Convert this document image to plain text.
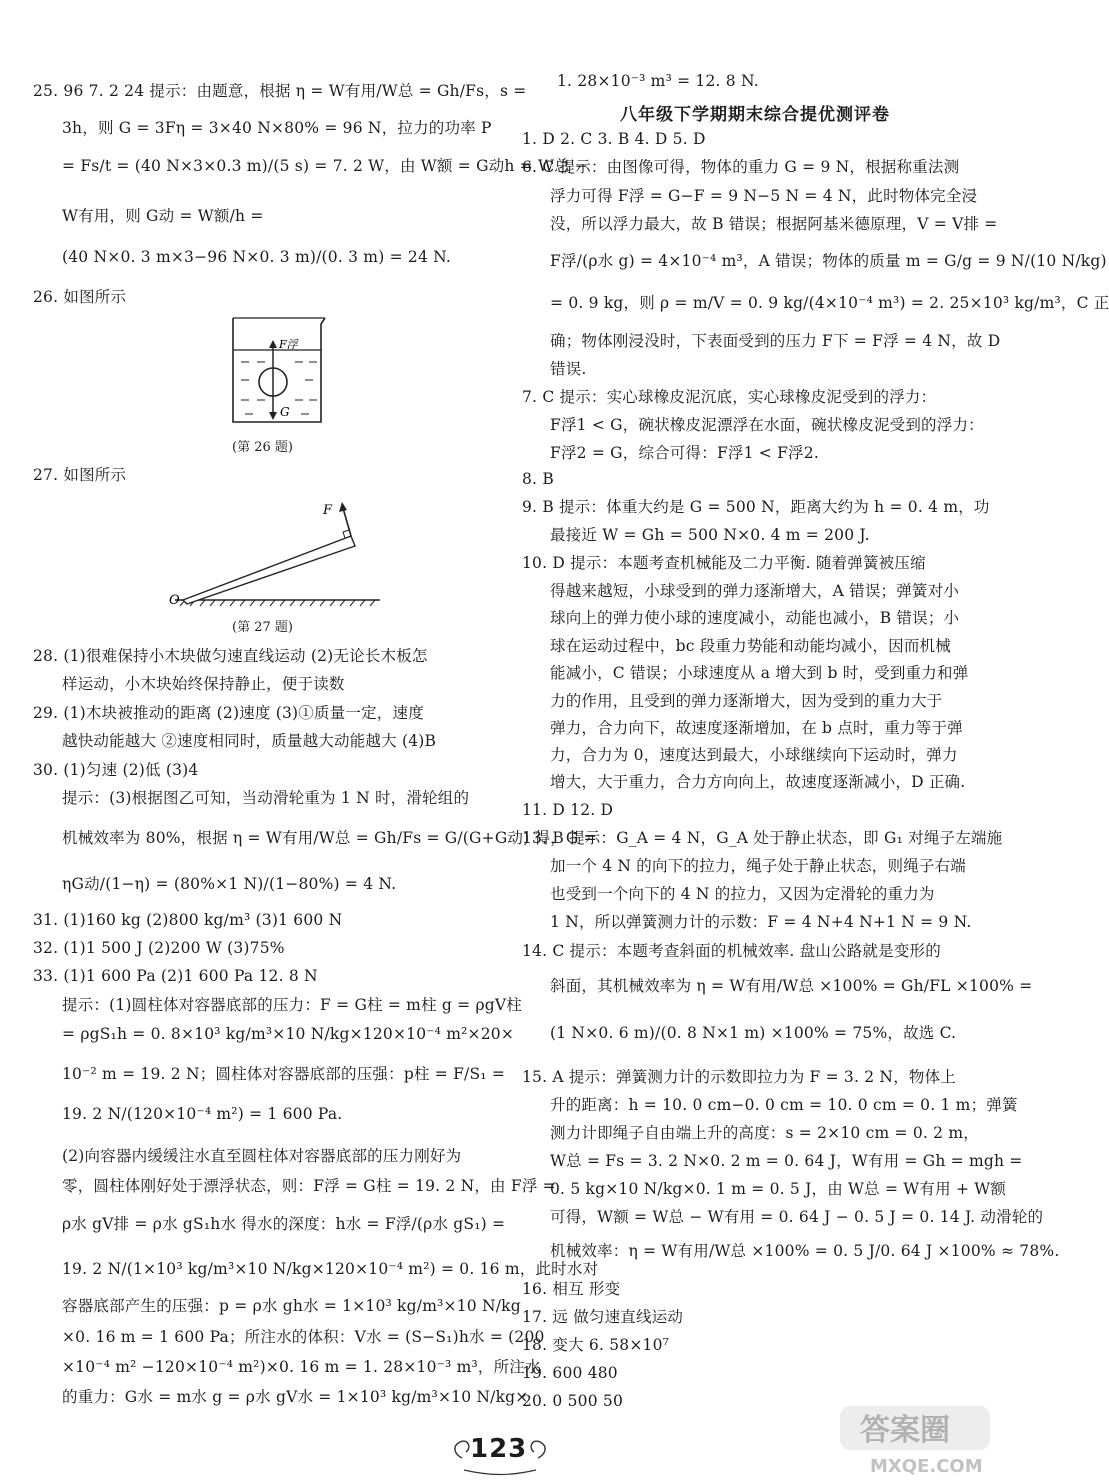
25. 96 7. 2 24 提示：由题意，根据 η = W有用/W总 = Gh/Fs，s =
3h，则 G = 3Fη = 3×40 N×80% = 96 N，拉力的功率 P
= Fs/t = (40 N×3×0.3 m)/(5 s) = 7. 2 W，由 W额 = G动h = W总 −
W有用，则 G动 = W额/h =
(40 N×0. 3 m×3−96 N×0. 3 m)/(0. 3 m) = 24 N.
26. 如图所示
F浮
G
(第 26 题)
27. 如图所示
F
O
(第 27 题)
28. (1)很难保持小木块做匀速直线运动 (2)无论长木板怎
样运动，小木块始终保持静止，便于读数
29. (1)木块被推动的距离 (2)速度 (3)①质量一定，速度
越快动能越大 ②速度相同时，质量越大动能越大 (4)B
30. (1)匀速 (2)低 (3)4
提示：(3)根据图乙可知，当动滑轮重为 1 N 时，滑轮组的
机械效率为 80%，根据 η = W有用/W总 = Gh/Fs = G/(G+G动) 得，G =
ηG动/(1−η) = (80%×1 N)/(1−80%) = 4 N.
31. (1)160 kg (2)800 kg/m³ (3)1 600 N
32. (1)1 500 J (2)200 W (3)75%
33. (1)1 600 Pa (2)1 600 Pa 12. 8 N
提示：(1)圆柱体对容器底部的压力：F = G柱 = m柱 g = ρgV柱
= ρgS₁h = 0. 8×10³ kg/m³×10 N/kg×120×10⁻⁴ m²×20×
10⁻² m = 19. 2 N；圆柱体对容器底部的压强：p柱 = F/S₁ =
19. 2 N/(120×10⁻⁴ m²) = 1 600 Pa.
(2)向容器内缓缓注水直至圆柱体对容器底部的压力刚好为
零，圆柱体刚好处于漂浮状态，则：F浮 = G柱 = 19. 2 N，由 F浮 =
ρ水 gV排 = ρ水 gS₁h水 得水的深度：h水 = F浮/(ρ水 gS₁) =
19. 2 N/(1×10³ kg/m³×10 N/kg×120×10⁻⁴ m²) = 0. 16 m，此时水对
容器底部产生的压强：p = ρ水 gh水 = 1×10³ kg/m³×10 N/kg
×0. 16 m = 1 600 Pa；所注水的体积：V水 = (S−S₁)h水 = (200
×10⁻⁴ m² −120×10⁻⁴ m²)×0. 16 m = 1. 28×10⁻³ m³，所注水
的重力：G水 = m水 g = ρ水 gV水 = 1×10³ kg/m³×10 N/kg×
1. 28×10⁻³ m³ = 12. 8 N.
1. D 2. C 3. B 4. D 5. D
6. C 提示：由图像可得，物体的重力 G = 9 N，根据称重法测
浮力可得 F浮 = G−F = 9 N−5 N = 4 N，此时物体完全浸
没，所以浮力最大，故 B 错误；根据阿基米德原理，V = V排 =
F浮/(ρ水 g) = 4×10⁻⁴ m³，A 错误；物体的质量 m = G/g = 9 N/(10 N/kg)
= 0. 9 kg，则 ρ = m/V = 0. 9 kg/(4×10⁻⁴ m³) = 2. 25×10³ kg/m³，C 正
确；物体刚浸没时，下表面受到的压力 F下 = F浮 = 4 N，故 D
错误.
7. C 提示：实心球橡皮泥沉底，实心球橡皮泥受到的浮力：
F浮1 < G，碗状橡皮泥漂浮在水面，碗状橡皮泥受到的浮力：
F浮2 = G，综合可得：F浮1 < F浮2.
8. B
9. B 提示：体重大约是 G = 500 N，距离大约为 h = 0. 4 m，功
最接近 W = Gh = 500 N×0. 4 m = 200 J.
10. D 提示：本题考查机械能及二力平衡. 随着弹簧被压缩
得越来越短，小球受到的弹力逐渐增大，A 错误；弹簧对小
球向上的弹力使小球的速度减小，动能也减小，B 错误；小
球在运动过程中，bc 段重力势能和动能均减小，因而机械
能减小，C 错误；小球速度从 a 增大到 b 时，受到重力和弹
力的作用，且受到的弹力逐渐增大，因为受到的重力大于
弹力，合力向下，故速度逐渐增加，在 b 点时，重力等于弹
力，合力为 0，速度达到最大，小球继续向下运动时，弹力
增大，大于重力，合力方向向上，故速度逐渐减小，D 正确.
11. D 12. D
13. B 提示：G_A = 4 N，G_A 处于静止状态，即 G₁ 对绳子左端施
加一个 4 N 的向下的拉力，绳子处于静止状态，则绳子右端
也受到一个向下的 4 N 的拉力，又因为定滑轮的重力为
1 N，所以弹簧测力计的示数：F = 4 N+4 N+1 N = 9 N.
14. C 提示：本题考查斜面的机械效率. 盘山公路就是变形的
斜面，其机械效率为 η = W有用/W总 ×100% = Gh/FL ×100% =
(1 N×0. 6 m)/(0. 8 N×1 m) ×100% = 75%，故选 C.
15. A 提示：弹簧测力计的示数即拉力为 F = 3. 2 N，物体上
升的距离：h = 10. 0 cm−0. 0 cm = 10. 0 cm = 0. 1 m；弹簧
测力计即绳子自由端上升的高度：s = 2×10 cm = 0. 2 m，
W总 = Fs = 3. 2 N×0. 2 m = 0. 64 J，W有用 = Gh = mgh =
0. 5 kg×10 N/kg×0. 1 m = 0. 5 J，由 W总 = W有用 + W额
可得，W额 = W总 − W有用 = 0. 64 J − 0. 5 J = 0. 14 J. 动滑轮的
机械效率：η = W有用/W总 ×100% = 0. 5 J/0. 64 J ×100% ≈ 78%.
16. 相互 形变
17. 远 做匀速直线运动
18. 变大 6. 58×10⁷
19. 600 480
20. 0 500 50
八年级下学期期末综合提优测评卷
123
答案圈
MXQE.COM
